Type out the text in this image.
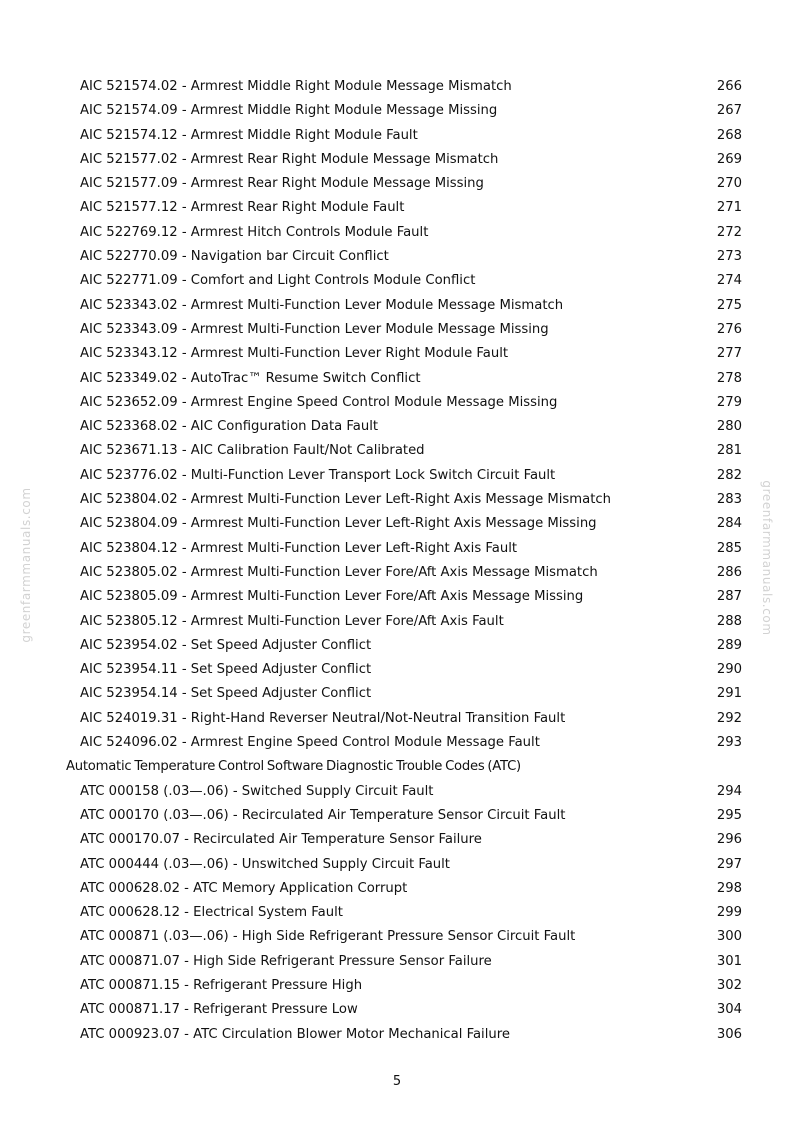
AIC 521574.02 - Armrest Middle Right Module Message Mismatch	266
AIC 521574.09 - Armrest Middle Right Module Message Missing	267
AIC 521574.12 - Armrest Middle Right Module Fault	268
AIC 521577.02 - Armrest Rear Right Module Message Mismatch	269
AIC 521577.09 - Armrest Rear Right Module Message Missing	270
AIC 521577.12 - Armrest Rear Right Module Fault	271
AIC 522769.12 - Armrest Hitch Controls Module Fault	272
AIC 522770.09 - Navigation bar Circuit Conflict	273
AIC 522771.09 - Comfort and Light Controls Module Conflict	274
AIC 523343.02 - Armrest Multi-Function Lever Module Message Mismatch	275
AIC 523343.09 - Armrest Multi-Function Lever Module Message Missing	276
AIC 523343.12 - Armrest Multi-Function Lever Right Module Fault	277
AIC 523349.02 - AutoTrac™ Resume Switch Conflict	278
AIC 523652.09 - Armrest Engine Speed Control Module Message Missing	279
AIC 523368.02 - AIC Configuration Data Fault	280
AIC 523671.13 - AIC Calibration Fault/Not Calibrated	281
AIC 523776.02 - Multi-Function Lever Transport Lock Switch Circuit Fault	282
AIC 523804.02 - Armrest Multi-Function Lever Left-Right Axis Message Mismatch	283
AIC 523804.09 - Armrest Multi-Function Lever Left-Right Axis Message Missing	284
AIC 523804.12 - Armrest Multi-Function Lever Left-Right Axis Fault	285
AIC 523805.02 - Armrest Multi-Function Lever Fore/Aft Axis Message Mismatch	286
AIC 523805.09 - Armrest Multi-Function Lever Fore/Aft Axis Message Missing	287
AIC 523805.12 - Armrest Multi-Function Lever Fore/Aft Axis Fault	288
AIC 523954.02 - Set Speed Adjuster Conflict	289
AIC 523954.11 - Set Speed Adjuster Conflict	290
AIC 523954.14 - Set Speed Adjuster Conflict	291
AIC 524019.31 - Right-Hand Reverser Neutral/Not-Neutral Transition Fault	292
AIC 524096.02 - Armrest Engine Speed Control Module Message Fault	293
Automatic Temperature Control Software Diagnostic Trouble Codes (ATC)
ATC 000158 (.03—.06) - Switched Supply Circuit Fault	294
ATC 000170 (.03—.06) - Recirculated Air Temperature Sensor Circuit Fault	295
ATC 000170.07 - Recirculated Air Temperature Sensor Failure	296
ATC 000444 (.03—.06) - Unswitched Supply Circuit Fault	297
ATC 000628.02 - ATC Memory Application Corrupt	298
ATC 000628.12 - Electrical System Fault	299
ATC 000871 (.03—.06) - High Side Refrigerant Pressure Sensor Circuit Fault	300
ATC 000871.07 - High Side Refrigerant Pressure Sensor Failure	301
ATC 000871.15 - Refrigerant Pressure High	302
ATC 000871.17 - Refrigerant Pressure Low	304
ATC 000923.07 - ATC Circulation Blower Motor Mechanical Failure	306
5
greenfarmmanuals.com	greenfarmmanuals.com
